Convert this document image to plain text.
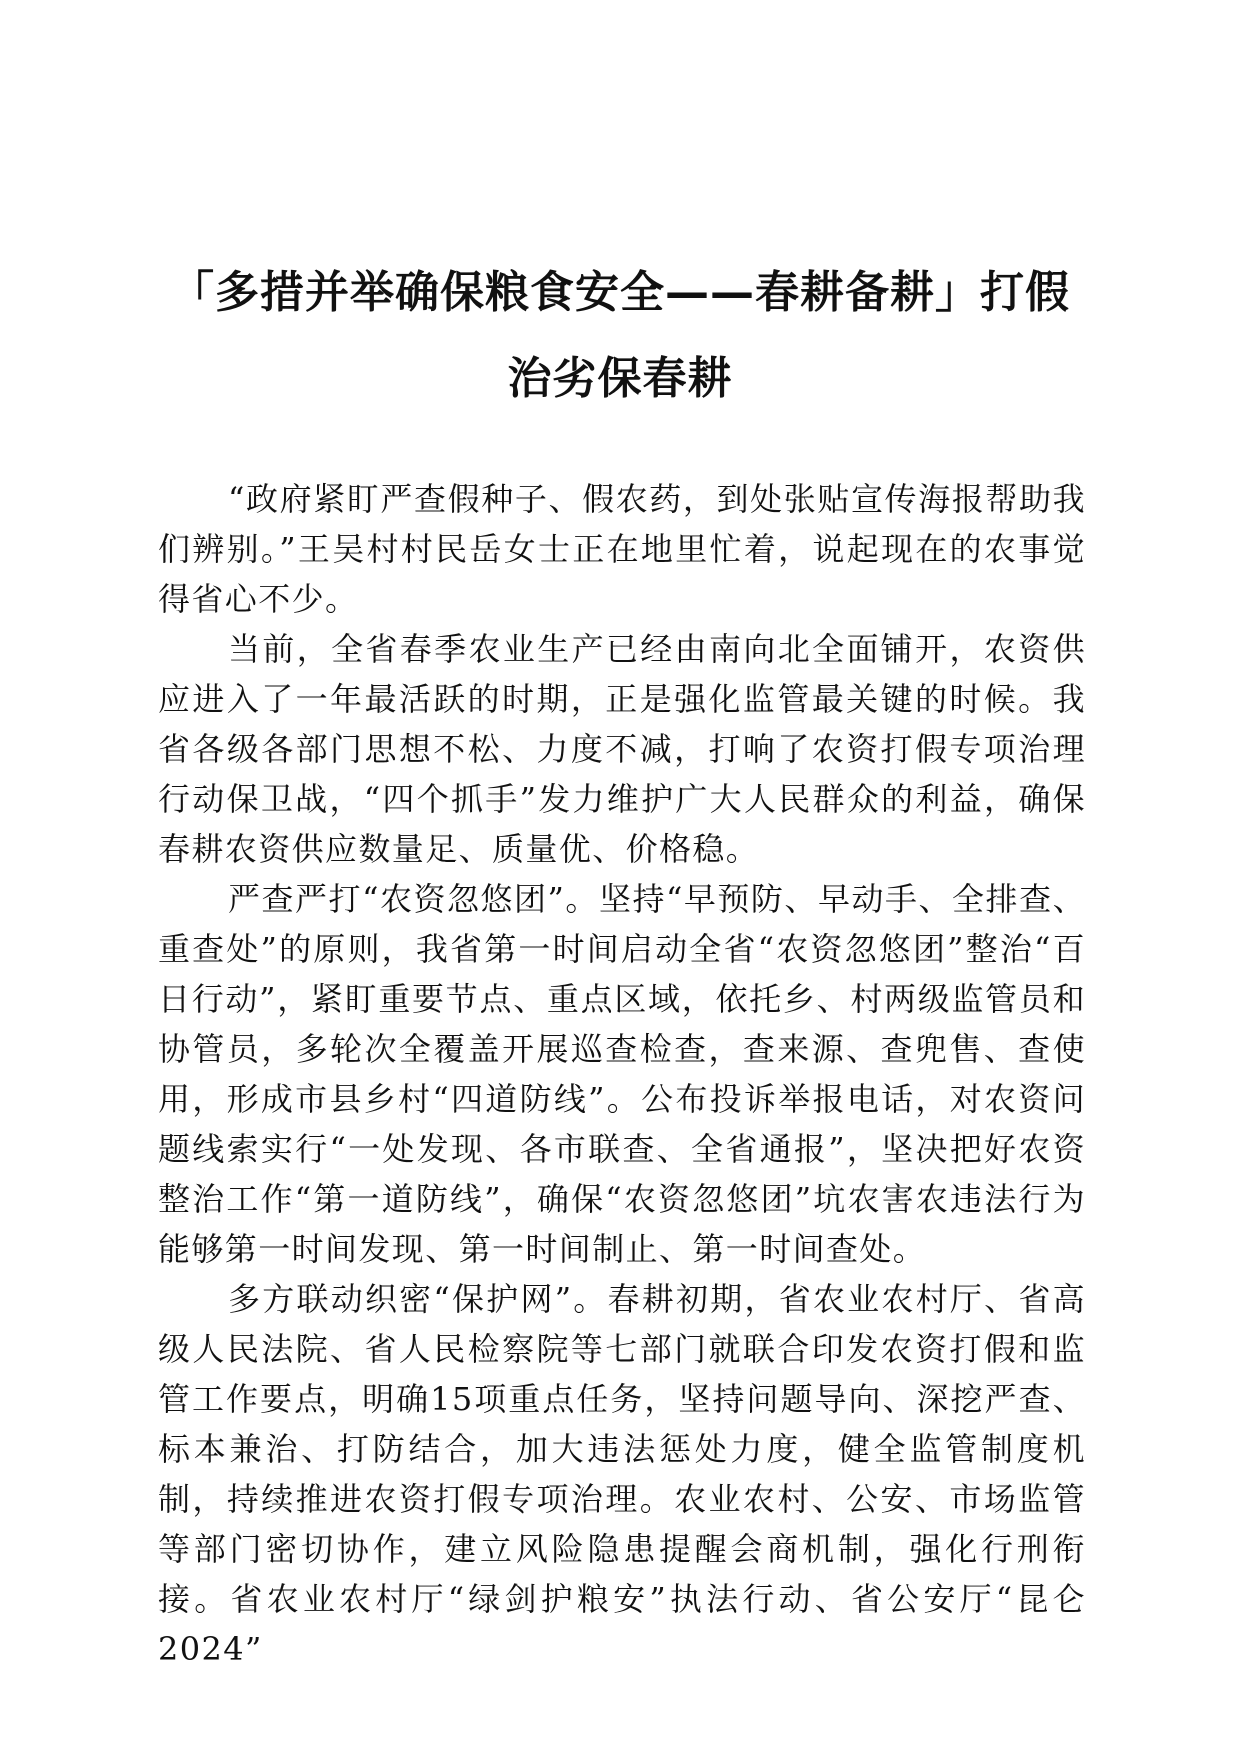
「多措并举确保粮食安全——春耕备耕」打假
治劣保春耕

“政府紧盯严查假种子、假农药，到处张贴宣传海报帮助我们辨别。”王吴村村民岳女士正在地里忙着，说起现在的农事觉得省心不少。

当前，全省春季农业生产已经由南向北全面铺开，农资供应进入了一年最活跃的时期，正是强化监管最关键的时候。我省各级各部门思想不松、力度不减，打响了农资打假专项治理行动保卫战，“四个抓手”发力维护广大人民群众的利益，确保春耕农资供应数量足、质量优、价格稳。

严查严打“农资忽悠团”。坚持“早预防、早动手、全排查、重查处”的原则，我省第一时间启动全省“农资忽悠团”整治“百日行动”，紧盯重要节点、重点区域，依托乡、村两级监管员和协管员，多轮次全覆盖开展巡查检查，查来源、查兜售、查使用，形成市县乡村“四道防线”。公布投诉举报电话，对农资问题线索实行“一处发现、各市联查、全省通报”，坚决把好农资整治工作“第一道防线”，确保“农资忽悠团”坑农害农违法行为能够第一时间发现、第一时间制止、第一时间查处。

多方联动织密“保护网”。春耕初期，省农业农村厅、省高级人民法院、省人民检察院等七部门就联合印发农资打假和监管工作要点，明确15项重点任务，坚持问题导向、深挖严查、标本兼治、打防结合，加大违法惩处力度，健全监管制度机制，持续推进农资打假专项治理。农业农村、公安、市场监管等部门密切协作，建立风险隐患提醒会商机制，强化行刑衔接。省农业农村厅“绿剑护粮安”执法行动、省公安厅“昆仑2024”
